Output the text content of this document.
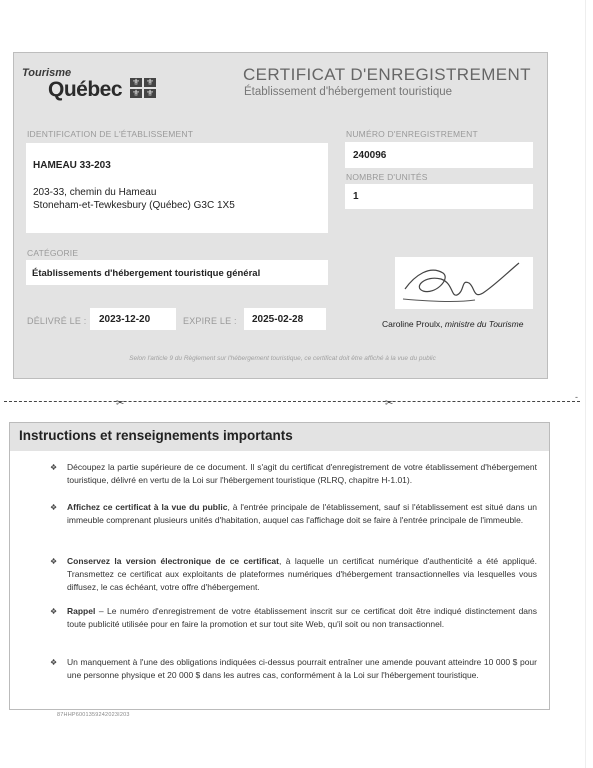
Tourisme
Québec ⚜ ⚜
⚜ ⚜
CERTIFICAT D'ENREGISTREMENT
Établissement d'hébergement touristique
IDENTIFICATION DE L'ÉTABLISSEMENT
HAMEAU 33-203
203-33, chemin du Hameau
Stoneham-et-Tewkesbury (Québec) G3C 1X5
NUMÉRO D'ENREGISTREMENT
240096
NOMBRE D'UNITÉS
1
CATÉGORIE
Établissements d'hébergement touristique général
DÉLIVRÉ LE : 2023-12-20	EXPIRE LE : 2025-02-28	Caroline Proulx, ministre du Tourisme
Selon l'article 9 du Règlement sur l'hébergement touristique, ce certificat doit être affiché à la vue du public
✂	✂
-
Instructions et renseignements importants
❖ Découpez la partie supérieure de ce document. Il s'agit du certificat d'enregistrement de votre établissement d'hébergement touristique, délivré en vertu de la Loi sur l'hébergement touristique (RLRQ, chapitre H-1.01).
❖ Affichez ce certificat à la vue du public, à l'entrée principale de l'établissement, sauf si l'établissement est situé dans un immeuble comprenant plusieurs unités d'habitation, auquel cas l'affichage doit se faire à l'entrée principale de l'immeuble.
❖ Conservez la version électronique de ce certificat, à laquelle un certificat numérique d'authenticité a été appliqué. Transmettez ce certificat aux exploitants de plateformes numériques d'hébergement transactionnelles via lesquelles vous diffusez, le cas échéant, votre offre d'hébergement.
❖ Rappel – Le numéro d'enregistrement de votre établissement inscrit sur ce certificat doit être indiqué distinctement dans toute publicité utilisée pour en faire la promotion et sur tout site Web, qu'il soit ou non transactionnel.
❖ Un manquement à l'une des obligations indiquées ci-dessus pourrait entraîner une amende pouvant atteindre 10 000 $ pour une personne physique et 20 000 $ dans les autres cas, conformément à la Loi sur l'hébergement touristique.
87HHP6001359242023I203
